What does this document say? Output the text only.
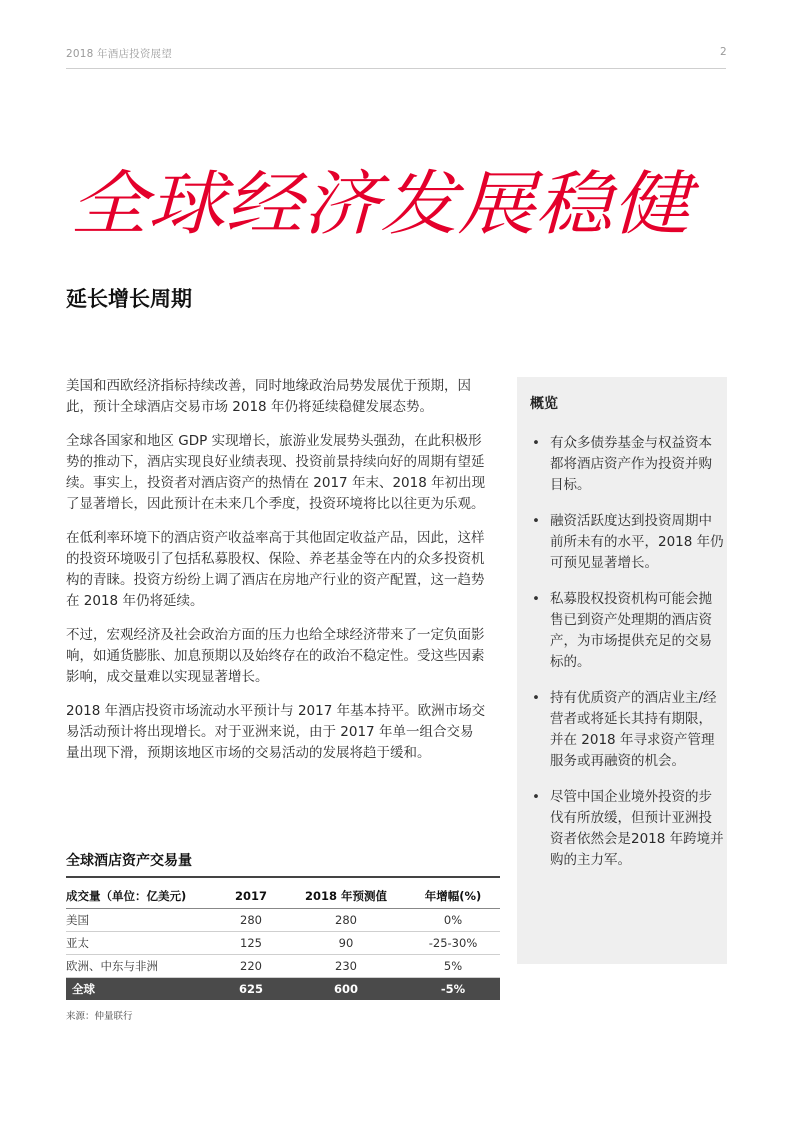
2018 年酒店投资展望	2
全球经济发展稳健
延长增长周期

美国和西欧经济指标持续改善，同时地缘政治局势发展优于预期，因此，预计全球酒店交易市场 2018 年仍将延续稳健发展态势。

全球各国家和地区 GDP 实现增长，旅游业发展势头强劲，在此积极形势的推动下，酒店实现良好业绩表现、投资前景持续向好的周期有望延续。事实上，投资者对酒店资产的热情在 2017 年末、2018 年初出现了显著增长，因此预计在未来几个季度，投资环境将比以往更为乐观。

在低利率环境下的酒店资产收益率高于其他固定收益产品，因此，这样的投资环境吸引了包括私募股权、保险、养老基金等在内的众多投资机构的青睐。投资方纷纷上调了酒店在房地产行业的资产配置，这一趋势在 2018 年仍将延续。

不过，宏观经济及社会政治方面的压力也给全球经济带来了一定负面影响，如通货膨胀、加息预期以及始终存在的政治不稳定性。受这些因素影响，成交量难以实现显著增长。

2018 年酒店投资市场流动水平预计与 2017 年基本持平。欧洲市场交易活动预计将出现增长。对于亚洲来说，由于 2017 年单一组合交易量出现下滑，预期该地区市场的交易活动的发展将趋于缓和。

概览
• 有众多债券基金与权益资本都将酒店资产作为投资并购目标。
• 融资活跃度达到投资周期中前所未有的水平，2018 年仍可预见显著增长。
• 私募股权投资机构可能会抛售已到资产处理期的酒店资产，为市场提供充足的交易标的。
• 持有优质资产的酒店业主/经营者或将延长其持有期限，并在 2018 年寻求资产管理服务或再融资的机会。
• 尽管中国企业境外投资的步伐有所放缓，但预计亚洲投资者依然会是2018 年跨境并购的主力军。
全球酒店资产交易量
成交量（单位：亿美元)	2017	2018 年预测值	年增幅(%)
美国	280	280	0%
亚太	125	90	-25-30%
欧洲、中东与非洲	220	230	5%
全球	625	600	-5%
来源：仲量联行
